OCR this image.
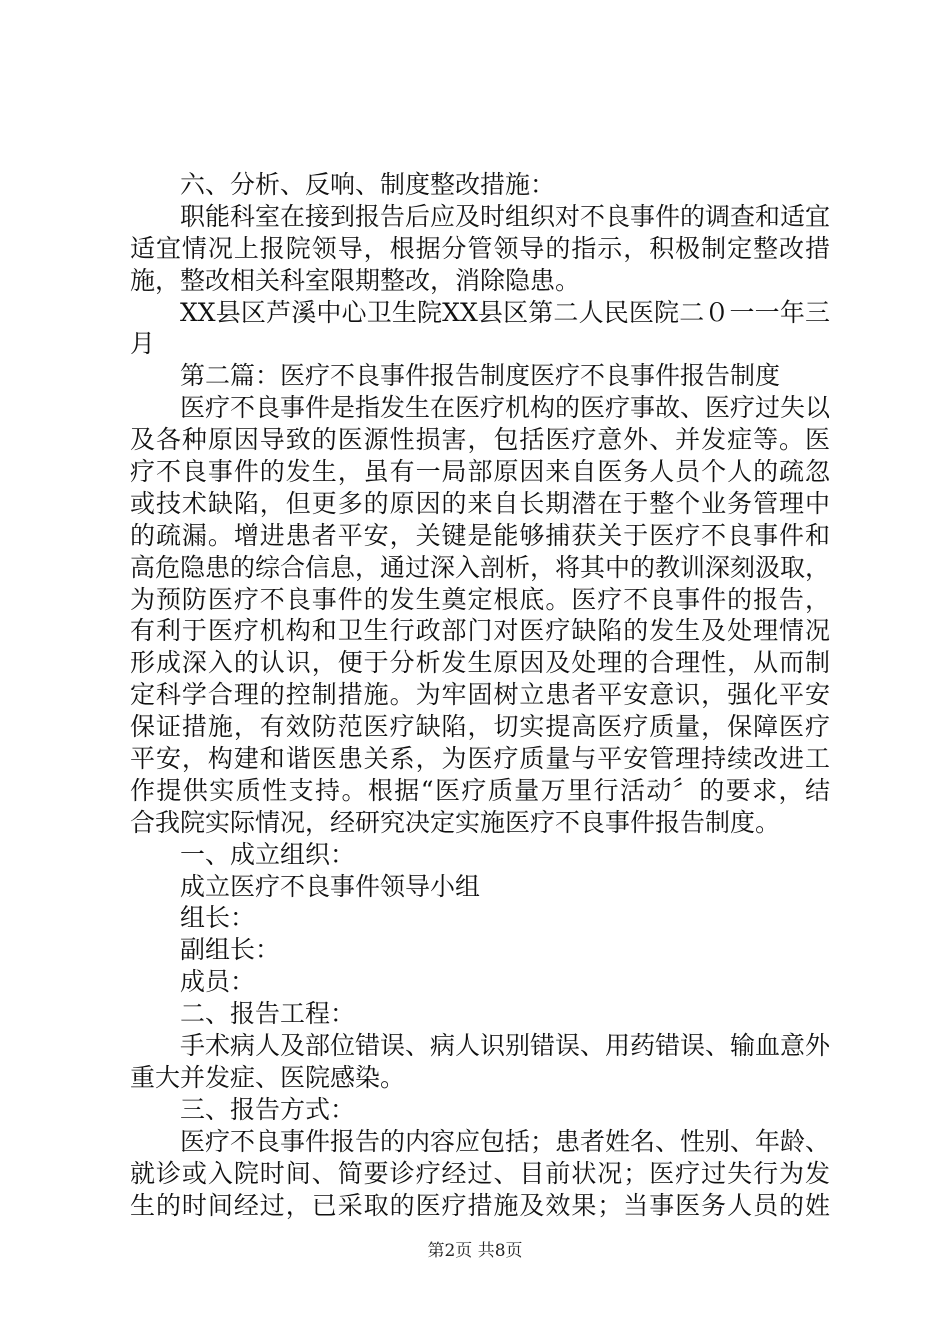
六、分析、反响、制度整改措施：
职能科室在接到报告后应及时组织对不良事件的调查和适宜
适宜情况上报院领导，根据分管领导的指示，积极制定整改措
施，整改相关科室限期整改，消除隐患。
XX县区芦溪中心卫生院XX县区第二人民医院二０一一年三
月
第二篇：医疗不良事件报告制度医疗不良事件报告制度
医疗不良事件是指发生在医疗机构的医疗事故、医疗过失以
及各种原因导致的医源性损害，包括医疗意外、并发症等。医
疗不良事件的发生，虽有一局部原因来自医务人员个人的疏忽
或技术缺陷，但更多的原因的来自长期潜在于整个业务管理中
的疏漏。增进患者平安，关键是能够捕获关于医疗不良事件和
高危隐患的综合信息，通过深入剖析，将其中的教训深刻汲取，
为预防医疗不良事件的发生奠定根底。医疗不良事件的报告，
有利于医疗机构和卫生行政部门对医疗缺陷的发生及处理情况
形成深入的认识，便于分析发生原因及处理的合理性，从而制
定科学合理的控制措施。为牢固树立患者平安意识，强化平安
保证措施，有效防范医疗缺陷，切实提高医疗质量，保障医疗
平安，构建和谐医患关系，为医疗质量与平安管理持续改进工
作提供实质性支持。根据“医疗质量万里行活动〞的要求，结
合我院实际情况，经研究决定实施医疗不良事件报告制度。
一、成立组织：
成立医疗不良事件领导小组
组长：
副组长：
成员：
二、报告工程：
手术病人及部位错误、病人识别错误、用药错误、输血意外
重大并发症、医院感染。
三、报告方式：
医疗不良事件报告的内容应包括；患者姓名、性别、年龄、
就诊或入院时间、简要诊疗经过、目前状况；医疗过失行为发
生的时间经过，已采取的医疗措施及效果；当事医务人员的姓
第2页 共8页
